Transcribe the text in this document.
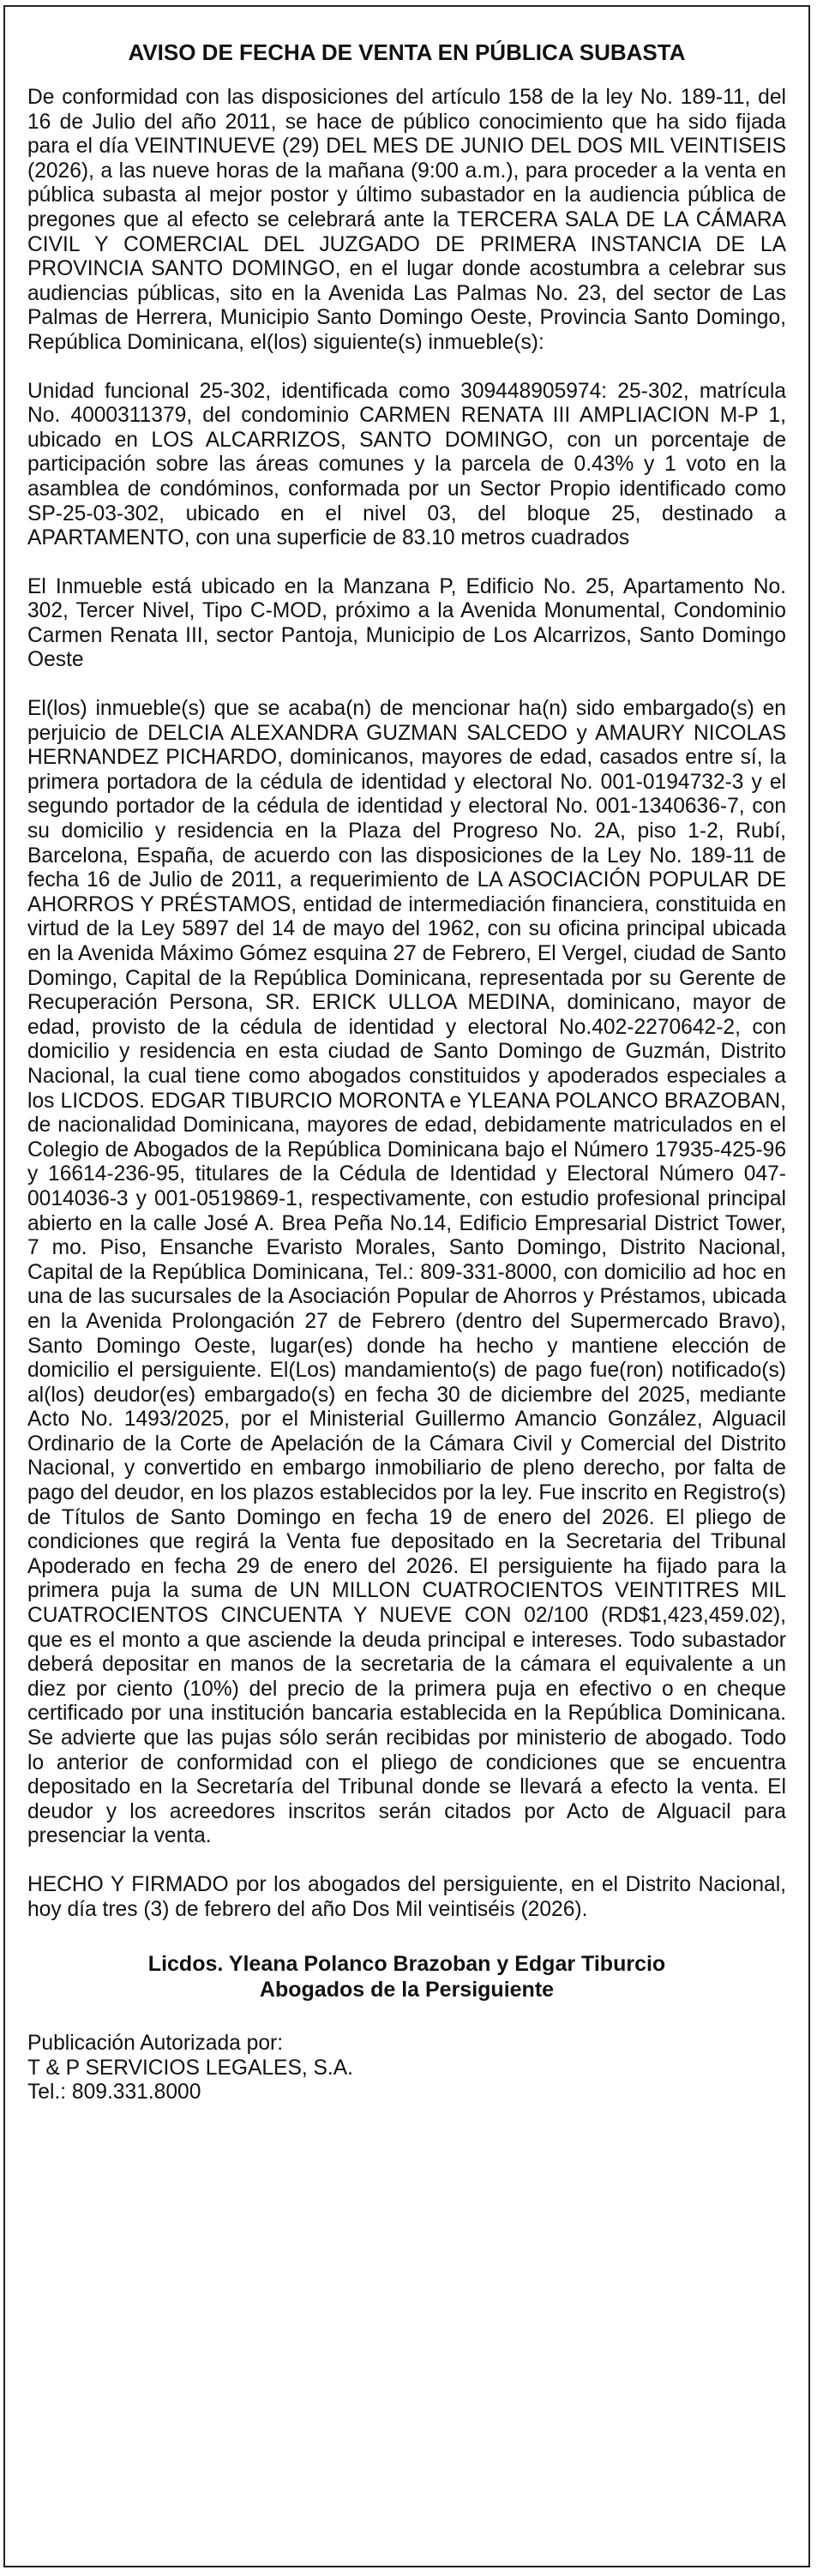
AVISO DE FECHA DE VENTA EN PÚBLICA SUBASTA

De conformidad con las disposiciones del artículo 158 de la ley No. 189-11, del 16 de Julio del año 2011, se hace de público conocimiento que ha sido fijada para el día VEINTINUEVE (29) DEL MES DE JUNIO DEL DOS MIL VEINTISEIS (2026), a las nueve horas de la mañana (9:00 a.m.), para proceder a la venta en pública subasta al mejor postor y último subastador en la audiencia pública de pregones que al efecto se celebrará ante la TERCERA SALA DE LA CÁMARA CIVIL Y COMERCIAL DEL JUZGADO DE PRIMERA INSTANCIA DE LA PROVINCIA SANTO DOMINGO, en el lugar donde acostumbra a celebrar sus audiencias públicas, sito en la Avenida Las Palmas No. 23, del sector de Las Palmas de Herrera, Municipio Santo Domingo Oeste, Provincia Santo Domingo, República Dominicana, el(los) siguiente(s) inmueble(s):

Unidad funcional 25-302, identificada como 309448905974: 25-302, matrícula No. 4000311379, del condominio CARMEN RENATA III AMPLIACION M-P 1, ubicado en LOS ALCARRIZOS, SANTO DOMINGO, con un porcentaje de participación sobre las áreas comunes y la parcela de 0.43% y 1 voto en la asamblea de condóminos, conformada por un Sector Propio identificado como SP-25-03-302, ubicado en el nivel 03, del bloque 25, destinado a APARTAMENTO, con una superficie de 83.10 metros cuadrados

El Inmueble está ubicado en la Manzana P, Edificio No. 25, Apartamento No. 302, Tercer Nivel, Tipo C-MOD, próximo a la Avenida Monumental, Condominio Carmen Renata III, sector Pantoja, Municipio de Los Alcarrizos, Santo Domingo Oeste

El(los) inmueble(s) que se acaba(n) de mencionar ha(n) sido embargado(s) en perjuicio de DELCIA ALEXANDRA GUZMAN SALCEDO y AMAURY NICOLAS HERNANDEZ PICHARDO, dominicanos, mayores de edad, casados entre sí, la primera portadora de la cédula de identidad y electoral No. 001-0194732-3 y el segundo portador de la cédula de identidad y electoral No. 001-1340636-7, con su domicilio y residencia en la Plaza del Progreso No. 2A, piso 1-2, Rubí, Barcelona, España, de acuerdo con las disposiciones de la Ley No. 189-11 de fecha 16 de Julio de 2011, a requerimiento de LA ASOCIACIÓN POPULAR DE AHORROS Y PRÉSTAMOS, entidad de intermediación financiera, constituida en virtud de la Ley 5897 del 14 de mayo del 1962, con su oficina principal ubicada en la Avenida Máximo Gómez esquina 27 de Febrero, El Vergel, ciudad de Santo Domingo, Capital de la República Dominicana, representada por su Gerente de Recuperación Persona, SR. ERICK ULLOA MEDINA, dominicano, mayor de edad, provisto de la cédula de identidad y electoral No.402-2270642-2, con domicilio y residencia en esta ciudad de Santo Domingo de Guzmán, Distrito Nacional, la cual tiene como abogados constituidos y apoderados especiales a los LICDOS. EDGAR TIBURCIO MORONTA e YLEANA POLANCO BRAZOBAN, de nacionalidad Dominicana, mayores de edad, debidamente matriculados en el Colegio de Abogados de la República Dominicana bajo el Número 17935-425-96 y 16614-236-95, titulares de la Cédula de Identidad y Electoral Número 047-0014036-3 y 001-0519869-1, respectivamente, con estudio profesional principal abierto en la calle José A. Brea Peña No.14, Edificio Empresarial District Tower, 7 mo. Piso, Ensanche Evaristo Morales, Santo Domingo, Distrito Nacional, Capital de la República Dominicana, Tel.: 809-331-8000, con domicilio ad hoc en una de las sucursales de la Asociación Popular de Ahorros y Préstamos, ubicada en la Avenida Prolongación 27 de Febrero (dentro del Supermercado Bravo), Santo Domingo Oeste, lugar(es) donde ha hecho y mantiene elección de domicilio el persiguiente. El(Los) mandamiento(s) de pago fue(ron) notificado(s) al(los) deudor(es) embargado(s) en fecha 30 de diciembre del 2025, mediante Acto No. 1493/2025, por el Ministerial Guillermo Amancio González, Alguacil Ordinario de la Corte de Apelación de la Cámara Civil y Comercial del Distrito Nacional, y convertido en embargo inmobiliario de pleno derecho, por falta de pago del deudor, en los plazos establecidos por la ley. Fue inscrito en Registro(s) de Títulos de Santo Domingo en fecha 19 de enero del 2026. El pliego de condiciones que regirá la Venta fue depositado en la Secretaria del Tribunal Apoderado en fecha 29 de enero del 2026. El persiguiente ha fijado para la primera puja la suma de UN MILLON CUATROCIENTOS VEINTITRES MIL CUATROCIENTOS CINCUENTA Y NUEVE CON 02/100 (RD$1,423,459.02), que es el monto a que asciende la deuda principal e intereses. Todo subastador deberá depositar en manos de la secretaria de la cámara el equivalente a un diez por ciento (10%) del precio de la primera puja en efectivo o en cheque certificado por una institución bancaria establecida en la República Dominicana. Se advierte que las pujas sólo serán recibidas por ministerio de abogado. Todo lo anterior de conformidad con el pliego de condiciones que se encuentra depositado en la Secretaría del Tribunal donde se llevará a efecto la venta. El deudor y los acreedores inscritos serán citados por Acto de Alguacil para presenciar la venta.

HECHO Y FIRMADO por los abogados del persiguiente, en el Distrito Nacional, hoy día tres (3) de febrero del año Dos Mil veintiséis (2026).

Licdos. Yleana Polanco Brazoban y Edgar Tiburcio
Abogados de la Persiguiente
Publicación Autorizada por:
T & P SERVICIOS LEGALES, S.A.
Tel.: 809.331.8000
